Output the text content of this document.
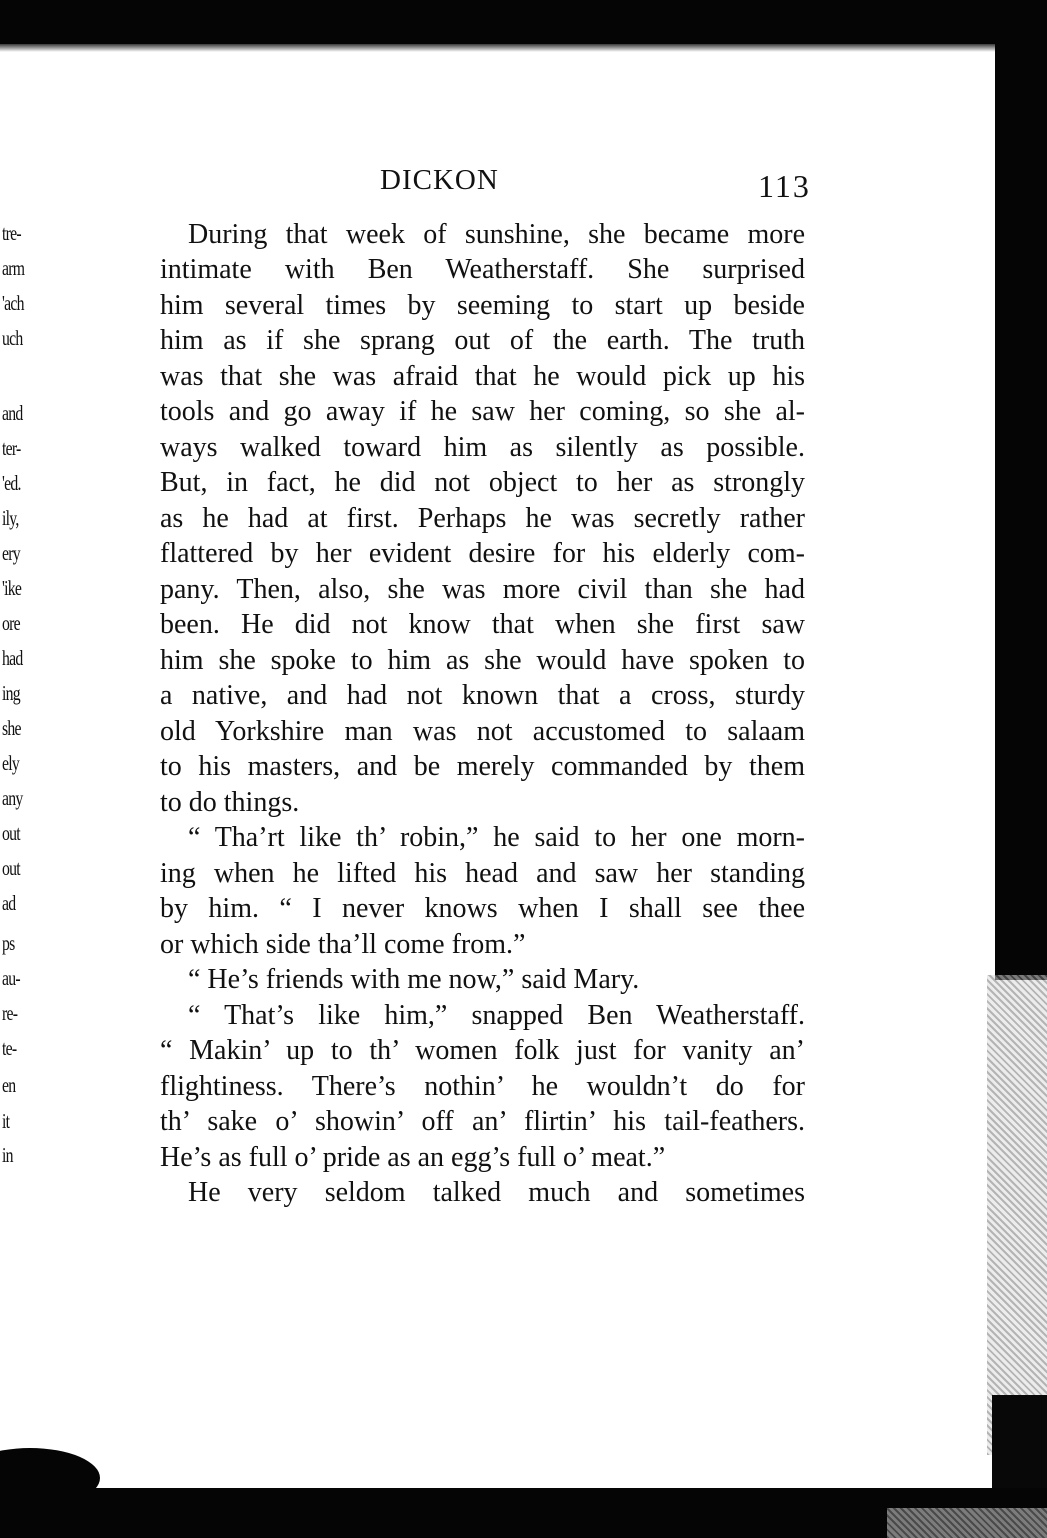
tre-
arm
'ach
uch
and
ter-
'ed.
ily,
ery
'ike
ore
had
ing
she
ely
any
out
out
ad
ps
au-
re-
te-
en
it
in
DICKON	113
During that week of sunshine, she became more
intimate with Ben Weatherstaff. She surprised
him several times by seeming to start up beside
him as if she sprang out of the earth. The truth
was that she was afraid that he would pick up his
tools and go away if he saw her coming, so she al-
ways walked toward him as silently as possible.
But, in fact, he did not object to her as strongly
as he had at first. Perhaps he was secretly rather
flattered by her evident desire for his elderly com-
pany. Then, also, she was more civil than she had
been. He did not know that when she first saw
him she spoke to him as she would have spoken to
a native, and had not known that a cross, sturdy
old Yorkshire man was not accustomed to salaam
to his masters, and be merely commanded by them
to do things.
“ Tha’rt like th’ robin,” he said to her one morn-
ing when he lifted his head and saw her standing
by him. “ I never knows when I shall see thee
or which side tha’ll come from.”
“ He’s friends with me now,” said Mary.
“ That’s like him,” snapped Ben Weatherstaff.
“ Makin’ up to th’ women folk just for vanity an’
flightiness. There’s nothin’ he wouldn’t do for
th’ sake o’ showin’ off an’ flirtin’ his tail-feathers.
He’s as full o’ pride as an egg’s full o’ meat.”
He very seldom talked much and sometimes
